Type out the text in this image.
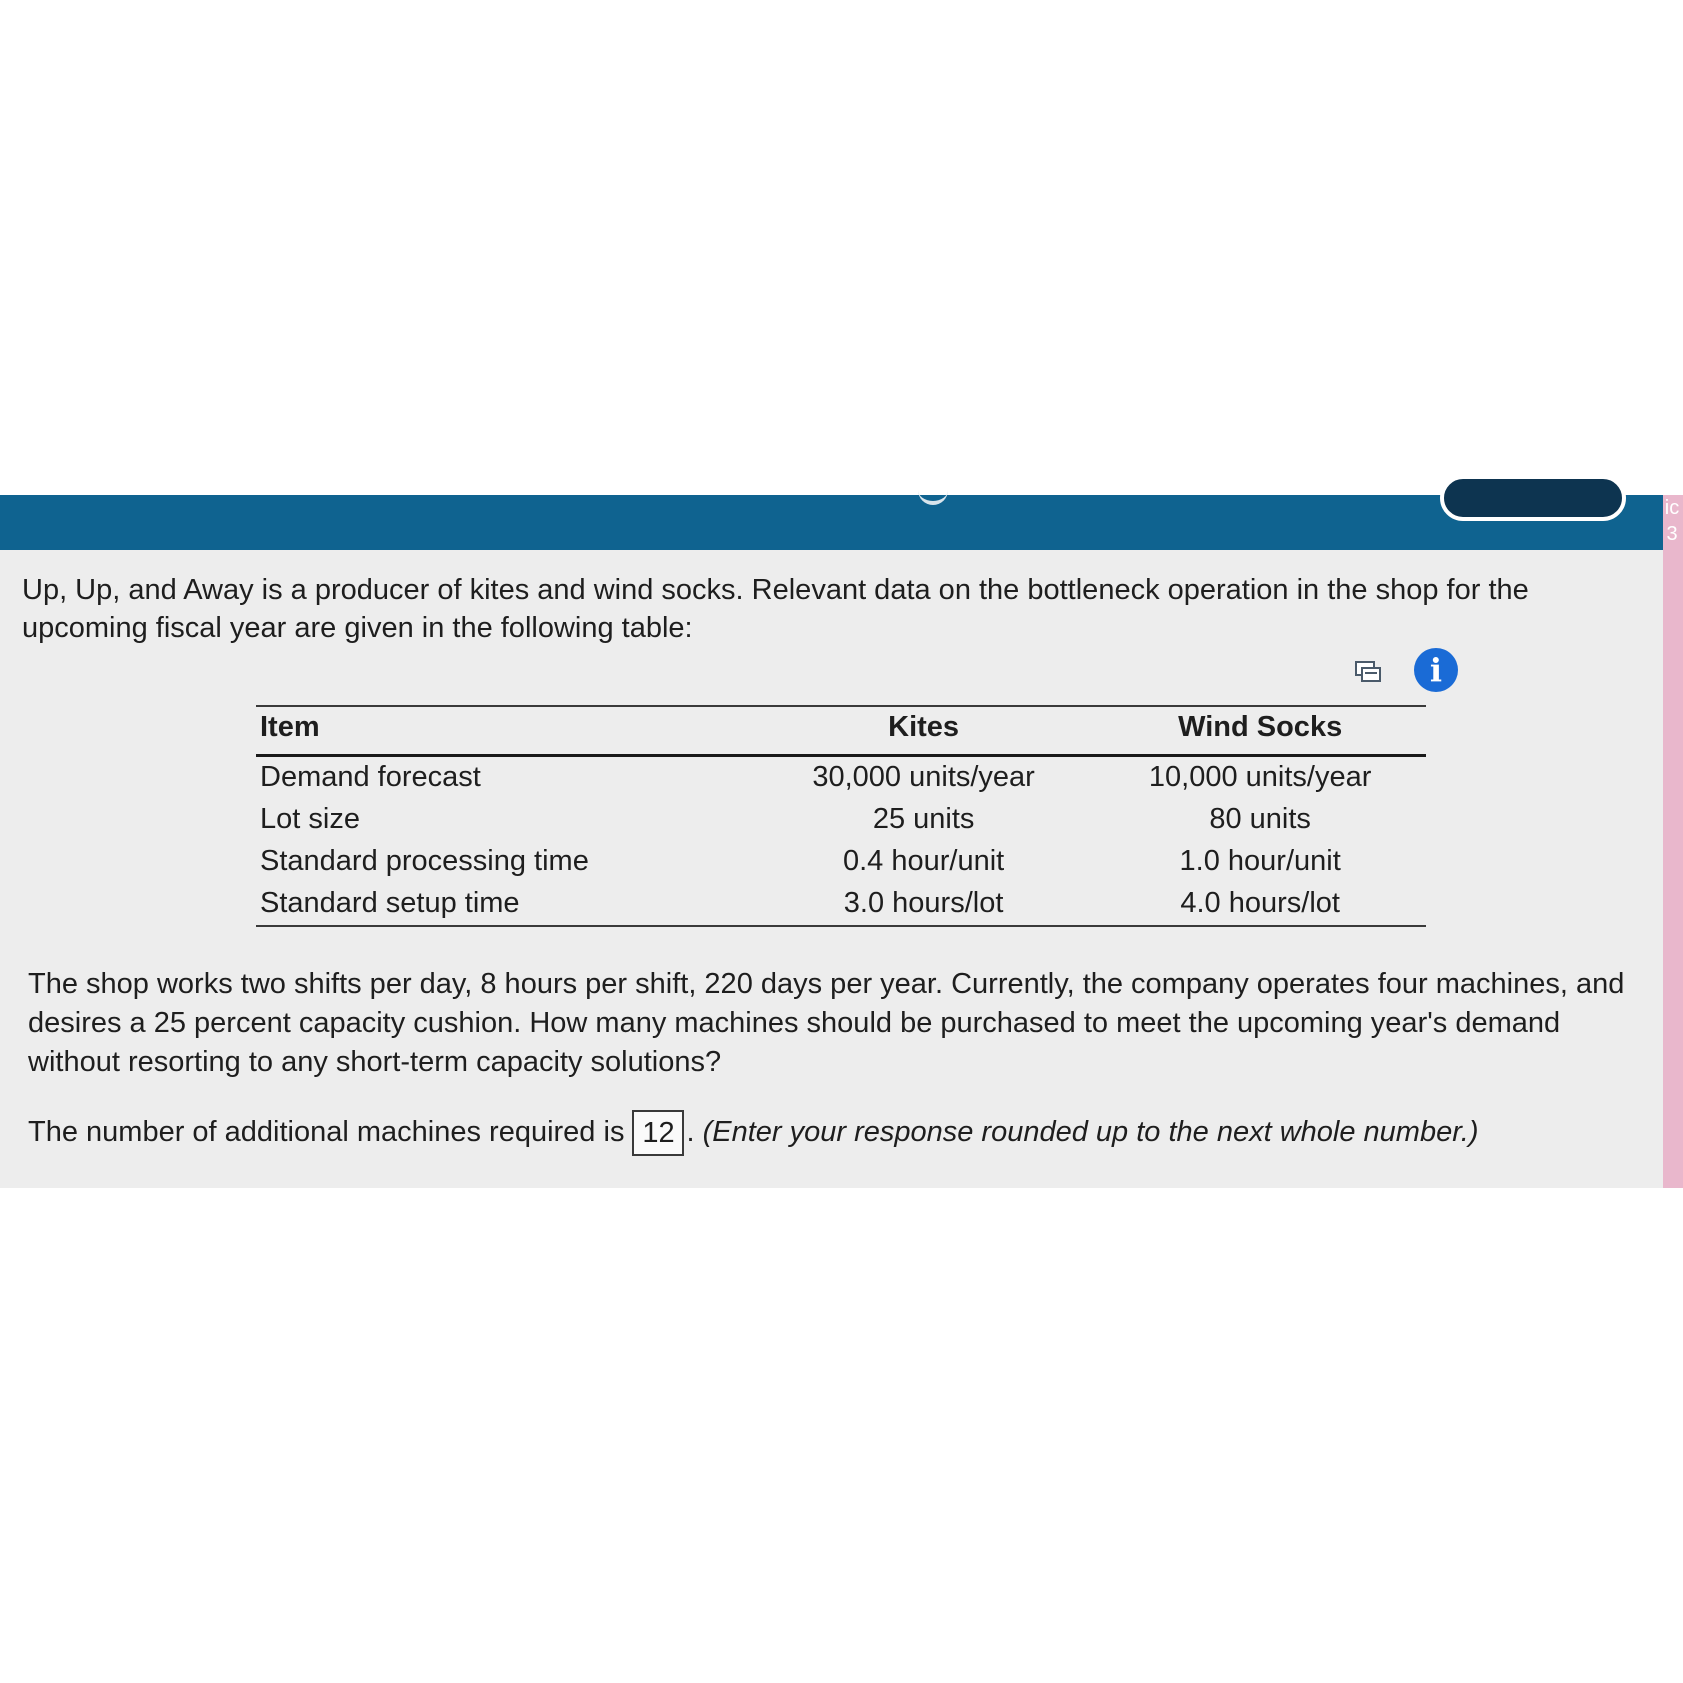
ic
3
Up, Up, and Away is a producer of kites and wind socks. Relevant data on the bottleneck operation in the shop for the upcoming fiscal year are given in the following table:
i
Item	Kites	Wind Socks
Demand forecast	30,000 units/year	10,000 units/year
Lot size	25 units	80 units
Standard processing time	0.4 hour/unit	1.0 hour/unit
Standard setup time	3.0 hours/lot	4.0 hours/lot
The shop works two shifts per day, 8 hours per shift, 220 days per year. Currently, the company operates four machines, and desires a 25 percent capacity cushion. How many machines should be purchased to meet the upcoming year's demand without resorting to any short-term capacity solutions?
The number of additional machines required is 12 . (Enter your response rounded up to the next whole number.)
